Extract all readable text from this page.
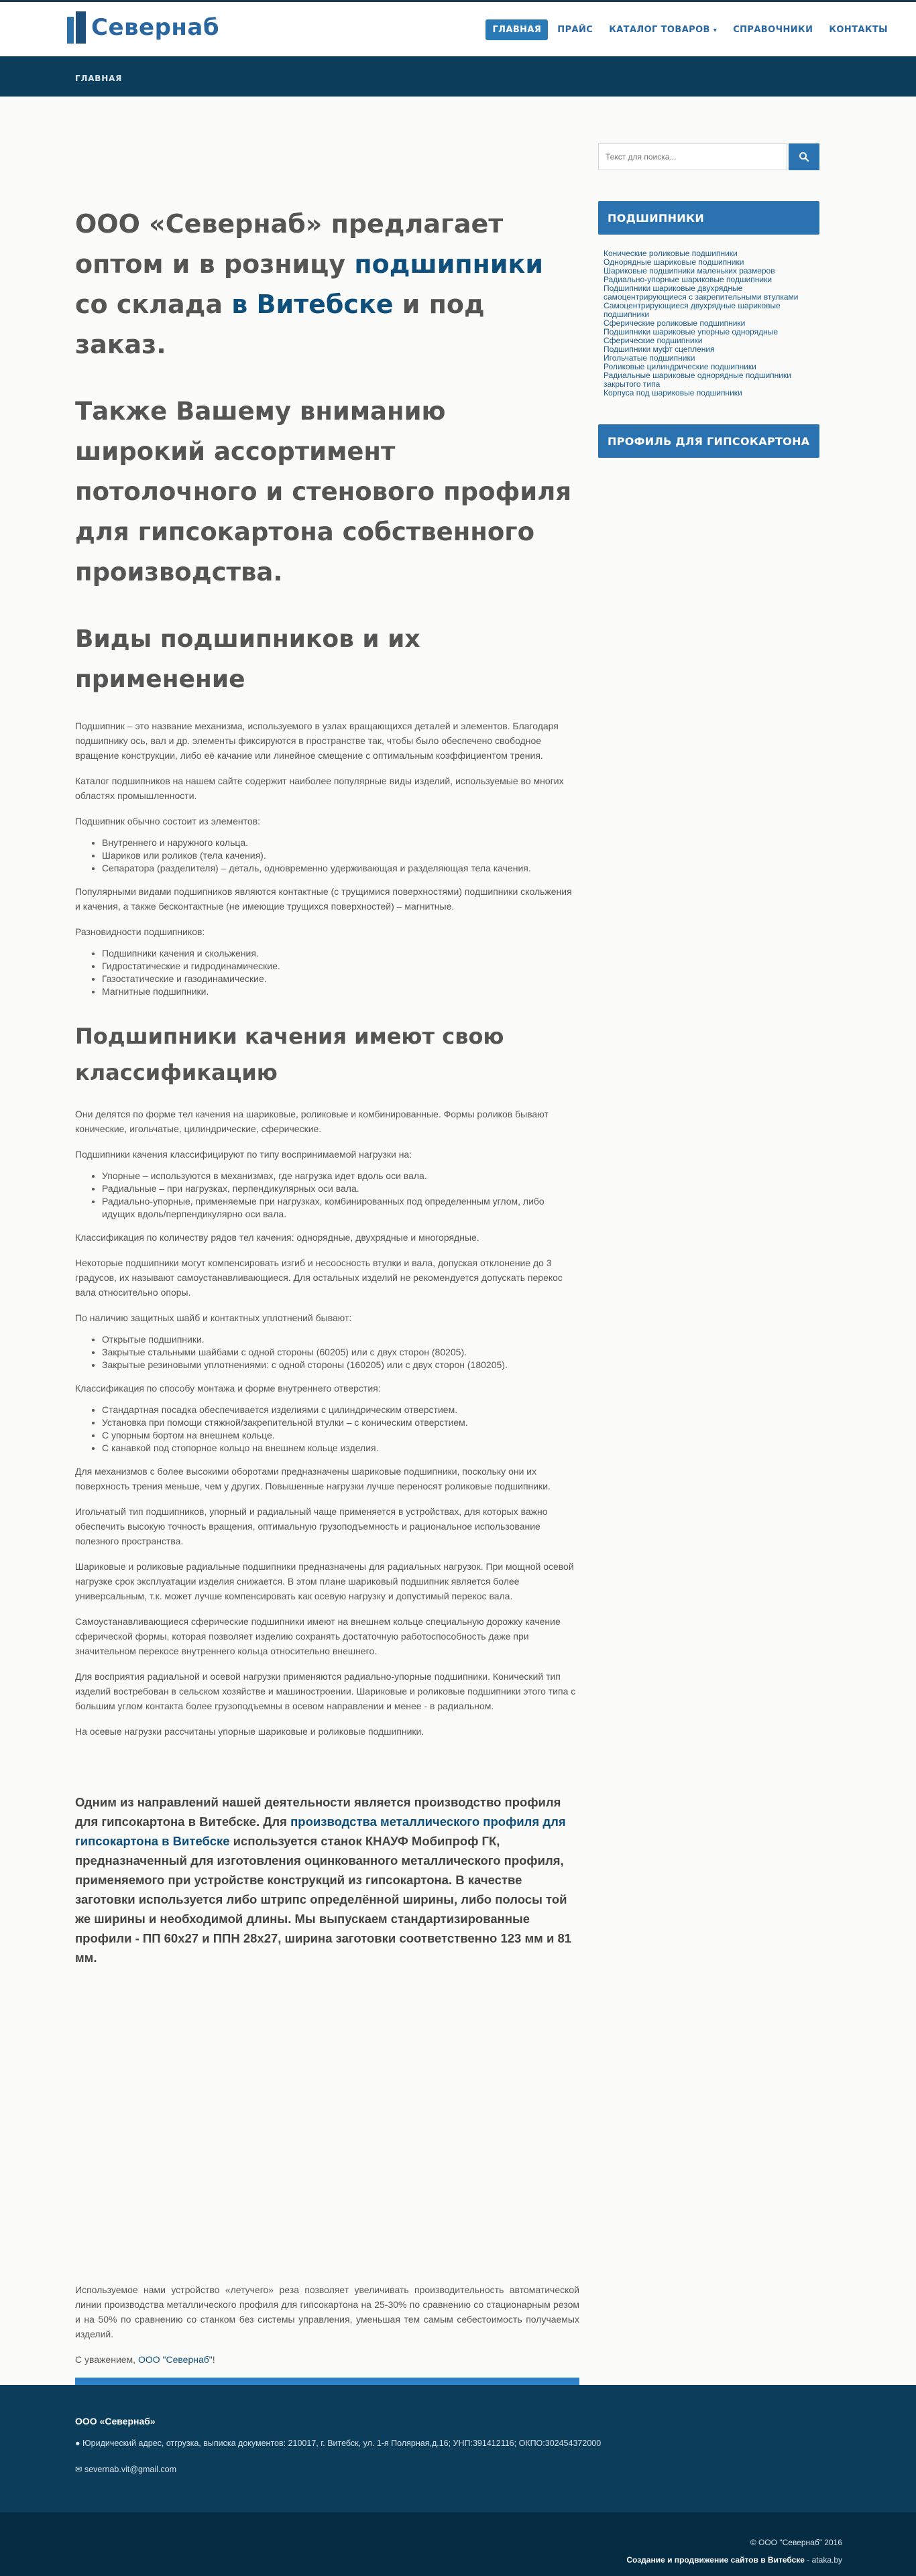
Севернаб	ГЛАВНАЯ	ПРАЙС	КАТАЛОГ ТОВАРОВ ▾	СПРАВОЧНИКИ	КОНТАКТЫ
ГЛАВНАЯ
ООО «Севернаб» предлагает оптом и в розницу подшипники со склада в Витебске и под заказ.
Также Вашему вниманию широкий ассортимент потолочного и стенового профиля для гипсокартона собственного производства.
Виды подшипников и их применение

Подшипник – это название механизма, используемого в узлах вращающихся деталей и элементов. Благодаря подшипнику ось, вал и др. элементы фиксируются в пространстве так, чтобы было обеспечено свободное вращение конструкции, либо её качание или линейное смещение с оптимальным коэффициентом трения.

Каталог подшипников на нашем сайте содержит наиболее популярные виды изделий, используемые во многих областях промышленности.

Подшипник обычно состоит из элементов:

• Внутреннего и наружного кольца.
• Шариков или роликов (тела качения).
• Сепаратора (разделителя) – деталь, одновременно удерживающая и разделяющая тела качения.

Популярными видами подшипников являются контактные (с трущимися поверхностями) подшипники скольжения и качения, а также бесконтактные (не имеющие трущихся поверхностей) – магнитные.

Разновидности подшипников:

• Подшипники качения и скольжения.
• Гидростатические и гидродинамические.
• Газостатические и газодинамические.
• Магнитные подшипники.
Подшипники качения имеют свою классификацию

Они делятся по форме тел качения на шариковые, роликовые и комбинированные. Формы роликов бывают конические, игольчатые, цилиндрические, сферические.

Подшипники качения классифицируют по типу воспринимаемой нагрузки на:

• Упорные – используются в механизмах, где нагрузка идет вдоль оси вала.
• Радиальные – при нагрузках, перпендикулярных оси вала.
• Радиально-упорные, применяемые при нагрузках, комбинированных под определенным углом, либо идущих вдоль/перпендикулярно оси вала.

Классификация по количеству рядов тел качения: однорядные, двухрядные и многорядные.

Некоторые подшипники могут компенсировать изгиб и несоосность втулки и вала, допуская отклонение до 3 градусов, их называют самоустанавливающиеся. Для остальных изделий не рекомендуется допускать перекос вала относительно опоры.

По наличию защитных шайб и контактных уплотнений бывают:

• Открытые подшипники.
• Закрытые стальными шайбами с одной стороны (60205) или с двух сторон (80205).
• Закрытые резиновыми уплотнениями: с одной стороны (160205) или с двух сторон (180205).

Классификация по способу монтажа и форме внутреннего отверстия:

• Стандартная посадка обеспечивается изделиями с цилиндрическим отверстием.
• Установка при помощи стяжной/закрепительной втулки – с коническим отверстием.
• С упорным бортом на внешнем кольце.
• С канавкой под стопорное кольцо на внешнем кольце изделия.

Для механизмов с более высокими оборотами предназначены шариковые подшипники, поскольку они их поверхность трения меньше, чем у других. Повышенные нагрузки лучше переносят роликовые подшипники.

Игольчатый тип подшипников, упорный и радиальный чаще применяется в устройствах, для которых важно обеспечить высокую точность вращения, оптимальную грузоподъемность и рациональное использование полезного пространства.

Шариковые и роликовые радиальные подшипники предназначены для радиальных нагрузок. При мощной осевой нагрузке срок эксплуатации изделия снижается. В этом плане шариковый подшипник является более универсальным, т.к. может лучше компенсировать как осевую нагрузку и допустимый перекос вала.

Самоустанавливающиеся сферические подшипники имеют на внешнем кольце специальную дорожку качение сферической формы, которая позволяет изделию сохранять достаточную работоспособность даже при значительном перекосе внутреннего кольца относительно внешнего.

Для восприятия радиальной и осевой нагрузки применяются радиально-упорные подшипники. Конический тип изделий востребован в сельском хозяйстве и машиностроении. Шариковые и роликовые подшипники этого типа с большим углом контакта более грузоподъемны в осевом направлении и менее - в радиальном.

На осевые нагрузки рассчитаны упорные шариковые и роликовые подшипники.

Одним из направлений нашей деятельности является производство профиля для гипсокартона в Витебске. Для производства металлического профиля для гипсокартона в Витебске используется станок КНАУФ Мобипроф ГК, предназначенный для изготовления оцинкованного металлического профиля, применяемого при устройстве конструкций из гипсокартона. В качестве заготовки используется либо штрипс определённой ширины, либо полосы той же ширины и необходимой длины. Мы выпускаем стандартизированные профили - ПП 60х27 и ППН 28х27, ширина заготовки соответственно 123 мм и 81 мм.

Используемое нами устройство «летучего» реза позволяет увеличивать производительность автоматической линии производства металлического профиля для гипсокартона на 25-30% по сравнению со стационарным резом и на 50% по сравнению со станком без системы управления, уменьшая тем самым себестоимость получаемых изделий.

С уважением, ООО "Севернаб"!

Текст для поиска...
ПОДШИПНИКИ
Конические роликовые подшипники
Однорядные шариковые подшипники
Шариковые подшипники маленьких размеров
Радиально-упорные шариковые подшипники
Подшипники шариковые двухрядные самоцентрирующиеся с закрепительными втулками
Самоцентрирующиеся двухрядные шариковые подшипники
Сферические роликовые подшипники
Подшипники шариковые упорные однорядные
Сферические подшипники
Подшипники муфт сцепления
Игольчатые подшипники
Роликовые цилиндрические подшипники
Радиальные шариковые однорядные подшипники закрытого типа
Корпуса под шариковые подшипники
ПРОФИЛЬ ДЛЯ ГИПСОКАРТОНА
ООО «Севернаб»
● Юридический адрес, отгрузка, выписка документов: 210017, г. Витебск, ул. 1-я Полярная,д.16; УНП:391412116; ОКПО:302454372000
✉ severnab.vit@gmail.com
© ООО "Севернаб" 2016
Создание и продвижение сайтов в Витебске - ataka.by
